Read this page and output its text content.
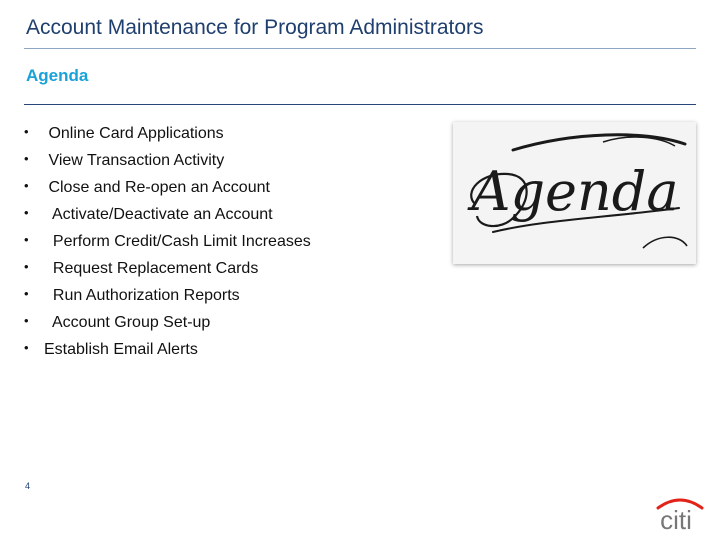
Account Maintenance for Program Administrators
Agenda
• Online Card Applications
• View Transaction Activity
• Close and Re-open an Account
• Activate/Deactivate an Account
• Perform Credit/Cash Limit Increases
• Request Replacement Cards
• Run Authorization Reports
• Account Group Set-up
• Establish Email Alerts
Agenda
4
citi
